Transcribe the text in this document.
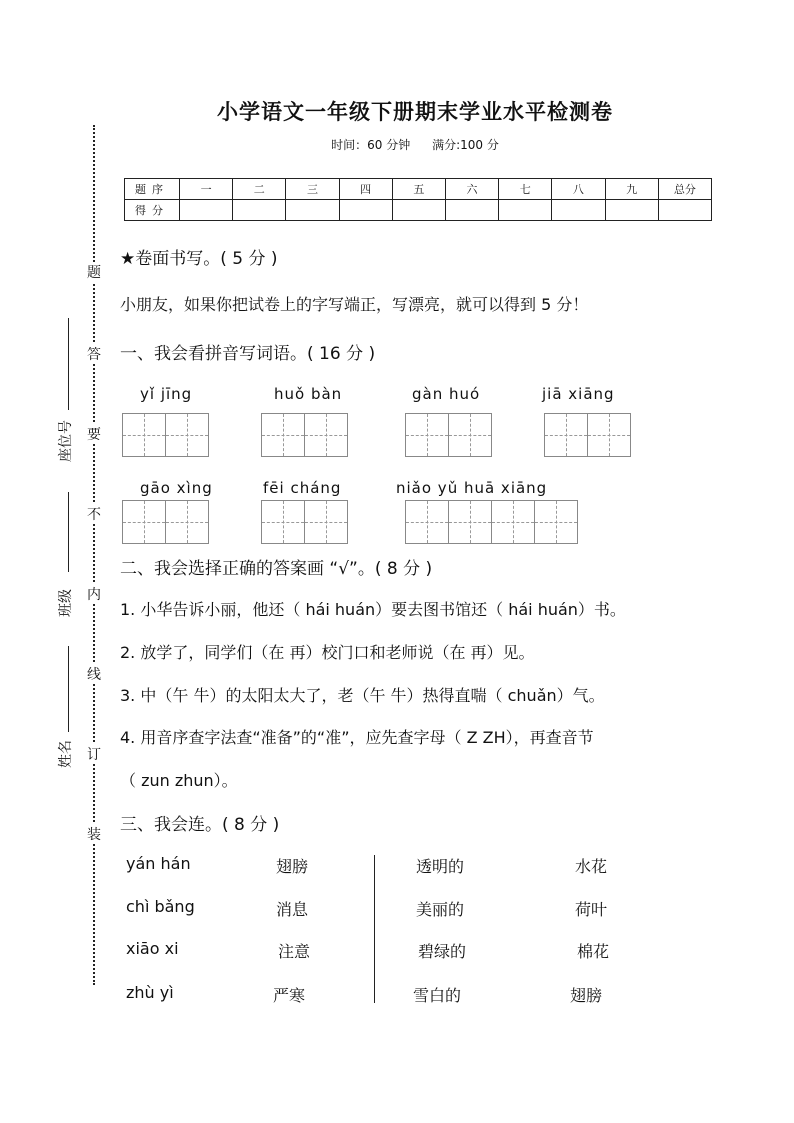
题
答
要
不
内
线
订
装
座位号
班级
姓名
小学语文一年级下册期末学业水平检测卷
时间：60 分钟 满分:100 分
题序	一	二	三	四	五	六	七	八	九	总分
得分										
★卷面书写。( 5 分 )
小朋友，如果你把试卷上的字写端正，写漂亮，就可以得到 5 分！
一、我会看拼音写词语。( 16 分 )
yǐ jīng	huǒ bàn	gàn huó	jiā xiāng
gāo xìng	fēi cháng	niǎo yǔ huā xiāng
二、我会选择正确的答案画 “√”。( 8 分 )
1. 小华告诉小丽，他还（ hái huán）要去图书馆还（ hái huán）书。
2. 放学了，同学们（在 再）校门口和老师说（在 再）见。
3. 中（午 牛）的太阳太大了，老（午 牛）热得直喘（ chuǎn）气。
4. 用音序查字法查“准备”的“准”，应先查字母（ Z ZH），再查音节
（ zun zhun）。
三、我会连。( 8 分 )
yán hán
chì bǎng
xiāo xi
zhù yì
翅膀
消息
注意
严寒
透明的
美丽的
碧绿的
雪白的
水花
荷叶
棉花
翅膀
